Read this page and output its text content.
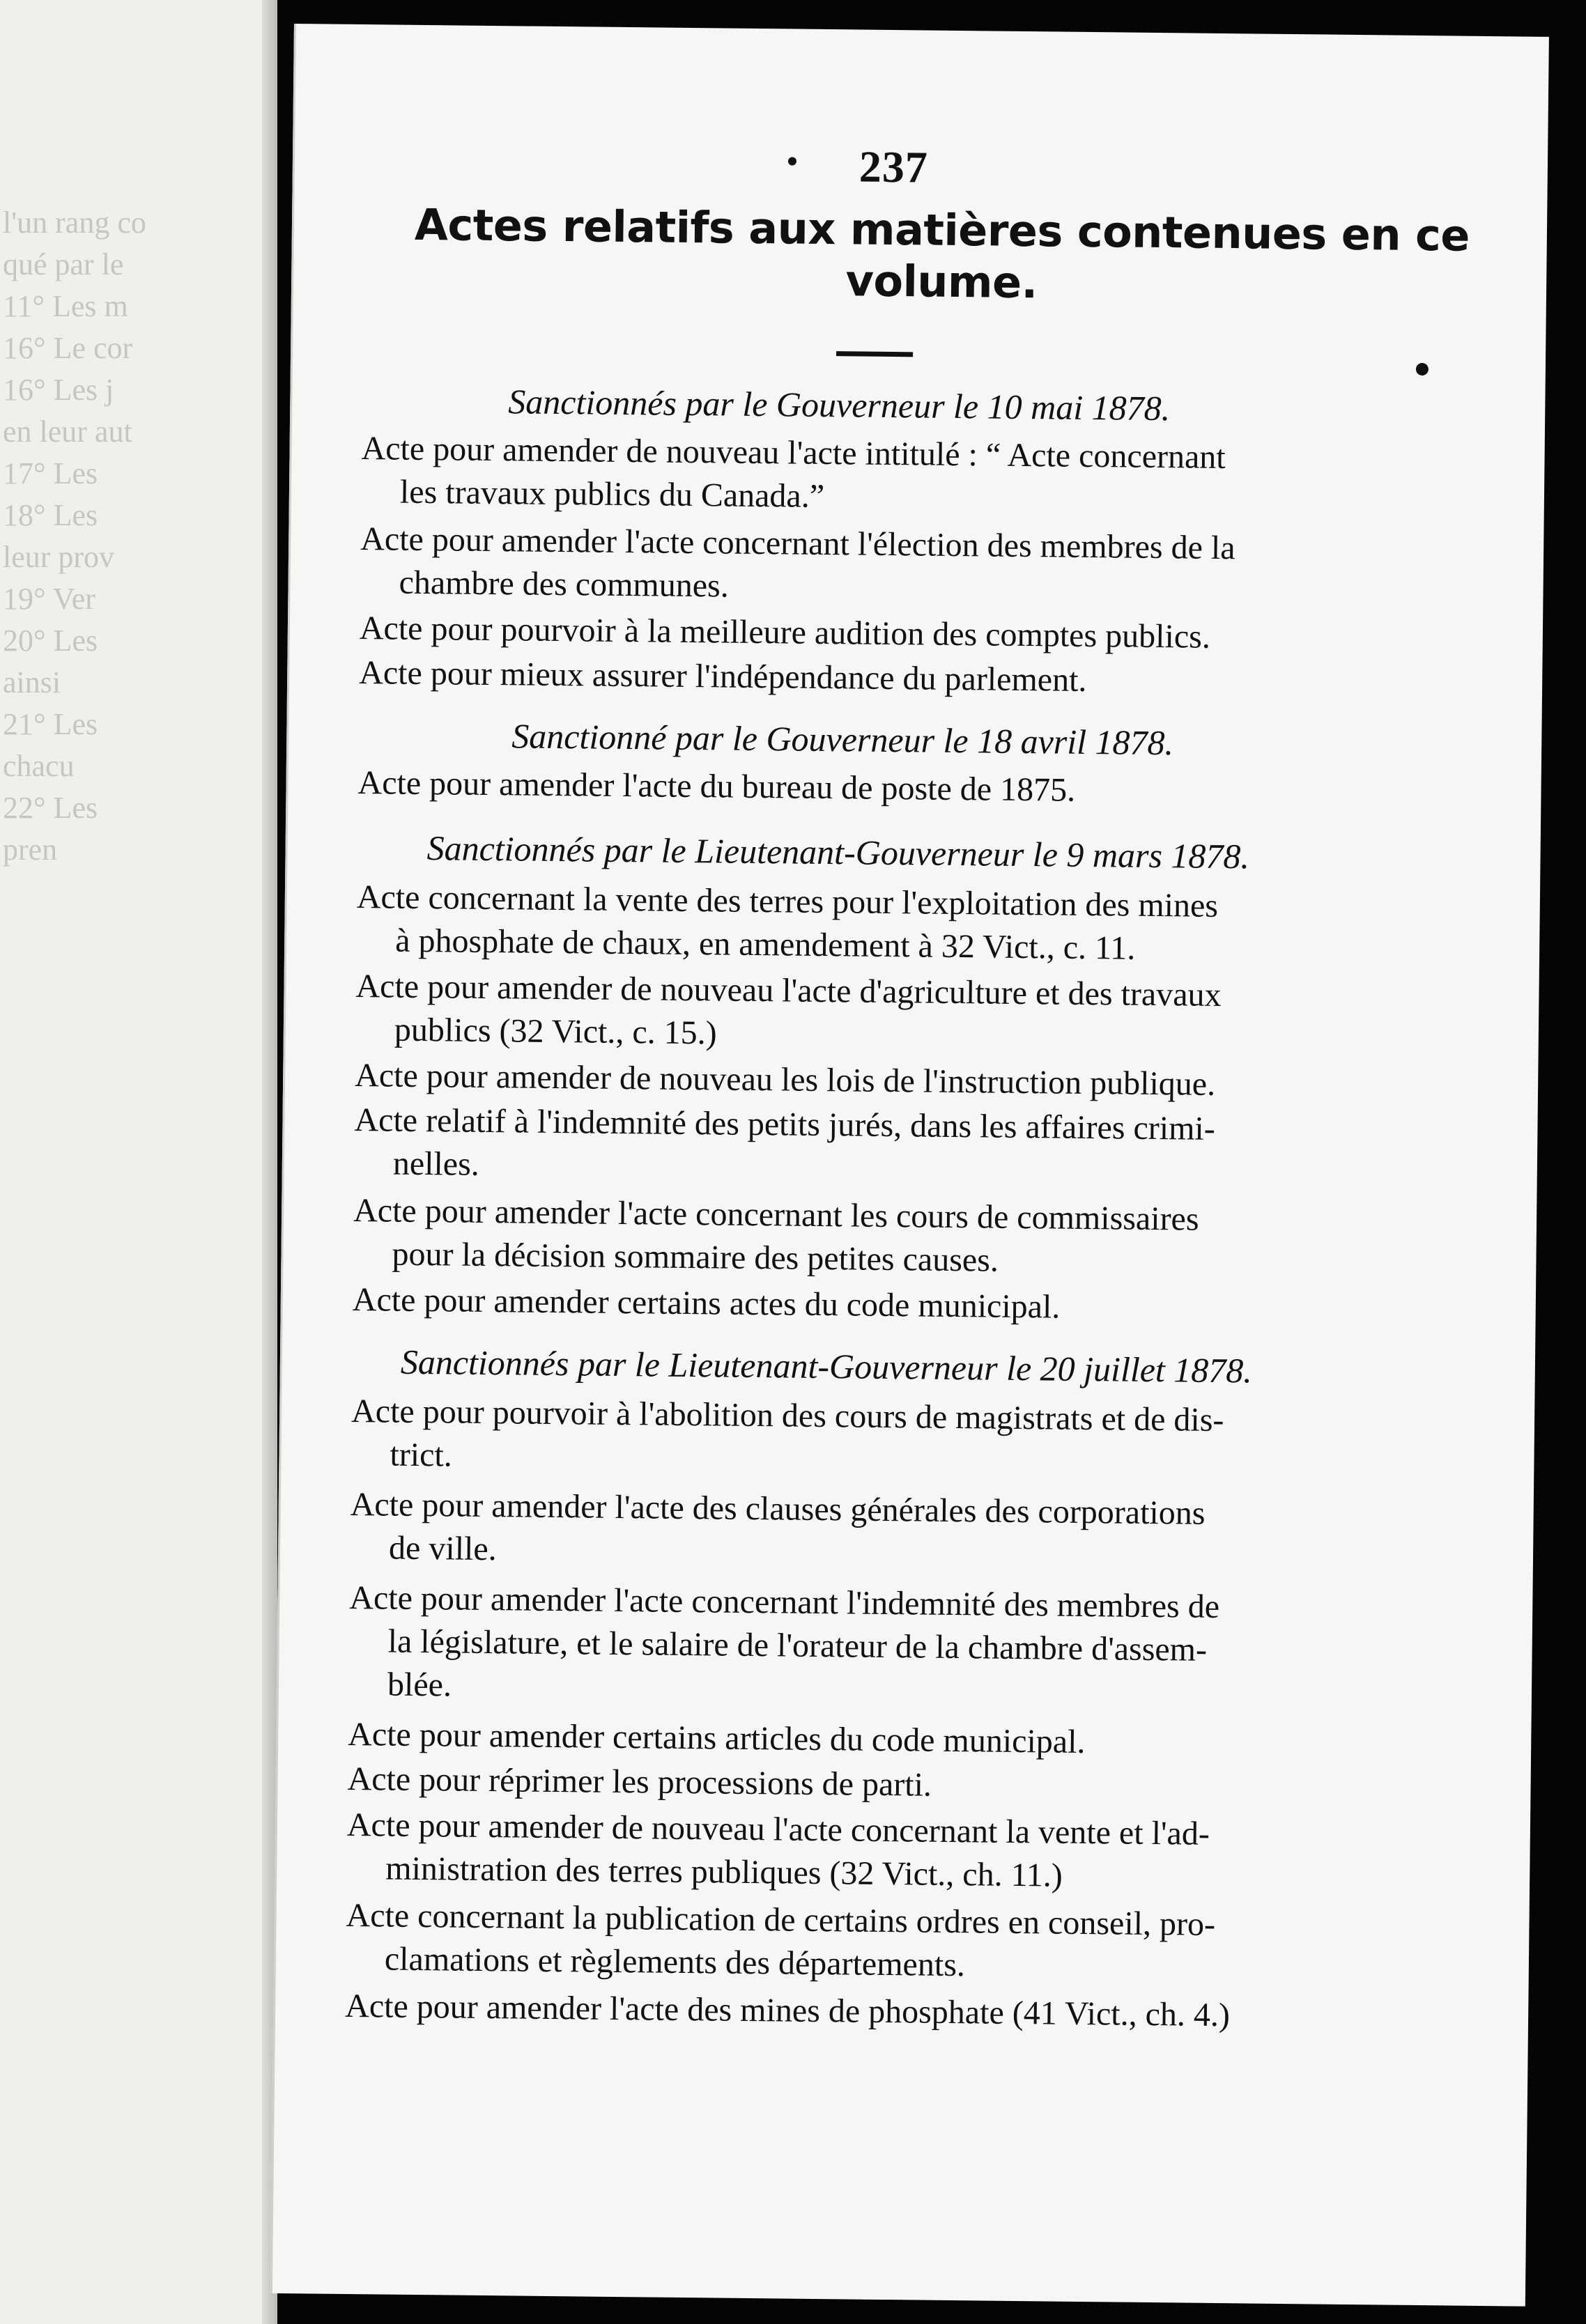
l'un rang co
qué par le
11° Les m
16° Le cor
16° Les j
en leur aut
17° Les
18° Les
leur prov
19° Ver
20° Les
ainsi
21° Les
chacu
22° Les
pren
237
Actes relatifs aux matières contenues en ce
volume.
Sanctionnés par le Gouverneur le 10 mai 1878.
Acte pour amender de nouveau l'acte intitulé : “ Acte concernant
les travaux publics du Canada.”
Acte pour amender l'acte concernant l'élection des membres de la
chambre des communes.
Acte pour pourvoir à la meilleure audition des comptes publics.
Acte pour mieux assurer l'indépendance du parlement.
Sanctionné par le Gouverneur le 18 avril 1878.
Acte pour amender l'acte du bureau de poste de 1875.
Sanctionnés par le Lieutenant-Gouverneur le 9 mars 1878.
Acte concernant la vente des terres pour l'exploitation des mines
à phosphate de chaux, en amendement à 32 Vict., c. 11.
Acte pour amender de nouveau l'acte d'agriculture et des travaux
publics (32 Vict., c. 15.)
Acte pour amender de nouveau les lois de l'instruction publique.
Acte relatif à l'indemnité des petits jurés, dans les affaires crimi-
nelles.
Acte pour amender l'acte concernant les cours de commissaires
pour la décision sommaire des petites causes.
Acte pour amender certains actes du code municipal.
Sanctionnés par le Lieutenant-Gouverneur le 20 juillet 1878.
Acte pour pourvoir à l'abolition des cours de magistrats et de dis-
trict.
Acte pour amender l'acte des clauses générales des corporations
de ville.
Acte pour amender l'acte concernant l'indemnité des membres de
la législature, et le salaire de l'orateur de la chambre d'assem-
blée.
Acte pour amender certains articles du code municipal.
Acte pour réprimer les processions de parti.
Acte pour amender de nouveau l'acte concernant la vente et l'ad-
ministration des terres publiques (32 Vict., ch. 11.)
Acte concernant la publication de certains ordres en conseil, pro-
clamations et règlements des départements.
Acte pour amender l'acte des mines de phosphate (41 Vict., ch. 4.)
